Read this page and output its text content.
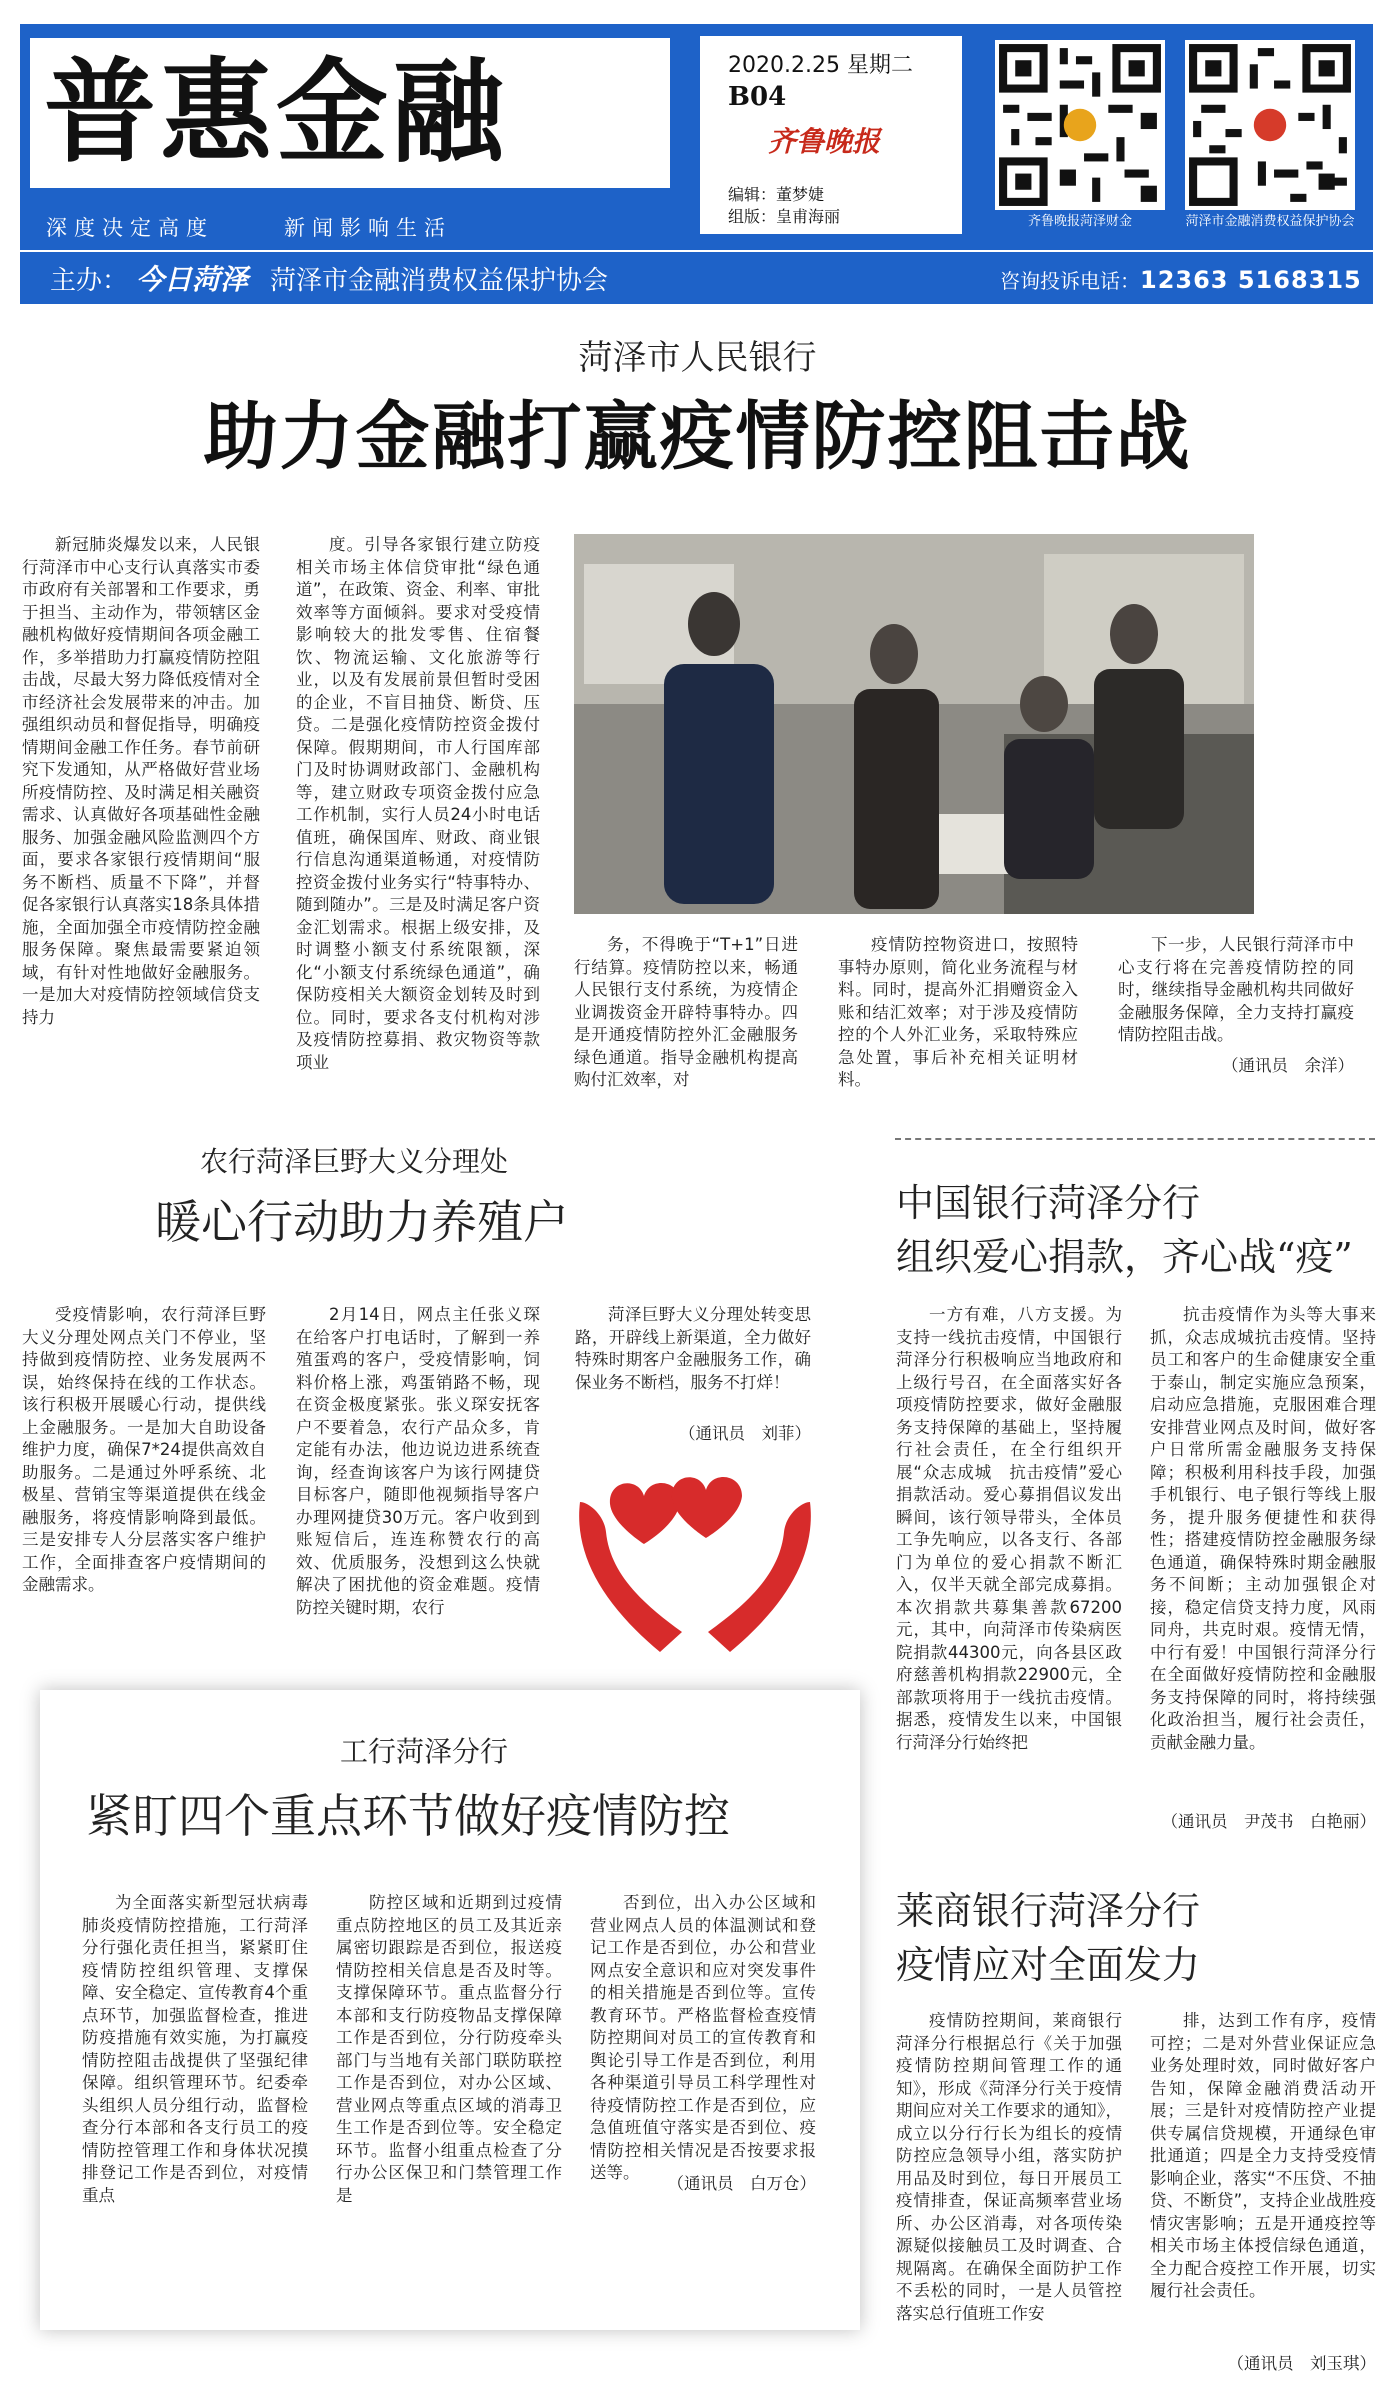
普惠金融
深度决定高度	新闻影响生活
2020.2.25 星期二
B04
齐鲁晚报
编辑：董梦婕
组版：皇甫海丽	齐鲁晚报菏泽财金	菏泽市金融消费权益保护协会
主办： 今日菏泽 菏泽市金融消费权益保护协会	咨询投诉电话：12363 5168315
菏泽市人民银行
助力金融打赢疫情防控阻击战

新冠肺炎爆发以来，人民银行菏泽市中心支行认真落实市委市政府有关部署和工作要求，勇于担当、主动作为，带领辖区金融机构做好疫情期间各项金融工作，多举措助力打赢疫情防控阻击战，尽最大努力降低疫情对全市经济社会发展带来的冲击。加强组织动员和督促指导，明确疫情期间金融工作任务。春节前研究下发通知，从严格做好营业场所疫情防控、及时满足相关融资需求、认真做好各项基础性金融服务、加强金融风险监测四个方面，要求各家银行疫情期间“服务不断档、质量不下降”，并督促各家银行认真落实18条具体措施，全面加强全市疫情防控金融服务保障。聚焦最需要紧迫领域，有针对性地做好金融服务。一是加大对疫情防控领域信贷支持力

度。引导各家银行建立防疫相关市场主体信贷审批“绿色通道”，在政策、资金、利率、审批效率等方面倾斜。要求对受疫情影响较大的批发零售、住宿餐饮、物流运输、文化旅游等行业，以及有发展前景但暂时受困的企业，不盲目抽贷、断贷、压贷。二是强化疫情防控资金拨付保障。假期期间，市人行国库部门及时协调财政部门、金融机构等，建立财政专项资金拨付应急工作机制，实行人员24小时电话值班，确保国库、财政、商业银行信息沟通渠道畅通，对疫情防控资金拨付业务实行“特事特办、随到随办”。三是及时满足客户资金汇划需求。根据上级安排，及时调整小额支付系统限额，深化“小额支付系统绿色通道”，确保防疫相关大额资金划转及时到位。同时，要求各支付机构对涉及疫情防控募捐、救灾物资等款项业

务，不得晚于“T+1”日进行结算。疫情防控以来，畅通人民银行支付系统，为疫情企业调拨资金开辟特事特办。四是开通疫情防控外汇金融服务绿色通道。指导金融机构提高购付汇效率，对

疫情防控物资进口，按照特事特办原则，简化业务流程与材料。同时，提高外汇捐赠资金入账和结汇效率；对于涉及疫情防控的个人外汇业务，采取特殊应急处置，事后补充相关证明材料。

下一步，人民银行菏泽市中心支行将在完善疫情防控的同时，继续指导金融机构共同做好金融服务保障，全力支持打赢疫情防控阻击战。

（通讯员　余洋）
农行菏泽巨野大义分理处
暖心行动助力养殖户

受疫情影响，农行菏泽巨野大义分理处网点关门不停业，坚持做到疫情防控、业务发展两不误，始终保持在线的工作状态。该行积极开展暖心行动，提供线上金融服务。一是加大自助设备维护力度，确保7*24提供高效自助服务。二是通过外呼系统、北极星、营销宝等渠道提供在线金融服务，将疫情影响降到最低。三是安排专人分层落实客户维护工作，全面排查客户疫情期间的金融需求。

2月14日，网点主任张义琛在给客户打电话时，了解到一养殖蛋鸡的客户，受疫情影响，饲料价格上涨，鸡蛋销路不畅，现在资金极度紧张。张义琛安抚客户不要着急，农行产品众多，肯定能有办法，他边说边进系统查询，经查询该客户为该行网捷贷目标客户，随即他视频指导客户办理网捷贷30万元。客户收到到账短信后，连连称赞农行的高效、优质服务，没想到这么快就解决了困扰他的资金难题。疫情防控关键时期，农行

菏泽巨野大义分理处转变思路，开辟线上新渠道，全力做好特殊时期客户金融服务工作，确保业务不断档，服务不打烊！

（通讯员　刘菲）
中国银行菏泽分行
组织爱心捐款，齐心战“疫”

一方有难，八方支援。为支持一线抗击疫情，中国银行菏泽分行积极响应当地政府和上级行号召，在全面落实好各项疫情防控要求，做好金融服务支持保障的基础上，坚持履行社会责任，在全行组织开展“众志成城　抗击疫情”爱心捐款活动。爱心募捐倡议发出瞬间，该行领导带头，全体员工争先响应，以各支行、各部门为单位的爱心捐款不断汇入，仅半天就全部完成募捐。本次捐款共募集善款67200元，其中，向菏泽市传染病医院捐款44300元，向各县区政府慈善机构捐款22900元，全部款项将用于一线抗击疫情。据悉，疫情发生以来，中国银行菏泽分行始终把

抗击疫情作为头等大事来抓，众志成城抗击疫情。坚持员工和客户的生命健康安全重于泰山，制定实施应急预案，启动应急措施，克服困难合理安排营业网点及时间，做好客户日常所需金融服务支持保障；积极利用科技手段，加强手机银行、电子银行等线上服务，提升服务便捷性和获得性；搭建疫情防控金融服务绿色通道，确保特殊时期金融服务不间断；主动加强银企对接，稳定信贷支持力度，风雨同舟，共克时艰。疫情无情，中行有爱！中国银行菏泽分行在全面做好疫情防控和金融服务支持保障的同时，将持续强化政治担当，履行社会责任，贡献金融力量。

（通讯员　尹茂书　白艳丽）
工行菏泽分行
紧盯四个重点环节做好疫情防控

为全面落实新型冠状病毒肺炎疫情防控措施，工行菏泽分行强化责任担当，紧紧盯住疫情防控组织管理、支撑保障、安全稳定、宣传教育4个重点环节，加强监督检查，推进防疫措施有效实施，为打赢疫情防控阻击战提供了坚强纪律保障。组织管理环节。纪委牵头组织人员分组行动，监督检查分行本部和各支行员工的疫情防控管理工作和身体状况摸排登记工作是否到位，对疫情重点

防控区域和近期到过疫情重点防控地区的员工及其近亲属密切跟踪是否到位，报送疫情防控相关信息是否及时等。支撑保障环节。重点监督分行本部和支行防疫物品支撑保障工作是否到位，分行防疫牵头部门与当地有关部门联防联控工作是否到位，对办公区域、营业网点等重点区域的消毒卫生工作是否到位等。安全稳定环节。监督小组重点检查了分行办公区保卫和门禁管理工作是

否到位，出入办公区域和营业网点人员的体温测试和登记工作是否到位，办公和营业网点安全意识和应对突发事件的相关措施是否到位等。宣传教育环节。严格监督检查疫情防控期间对员工的宣传教育和舆论引导工作是否到位，利用各种渠道引导员工科学理性对待疫情防控工作是否到位，应急值班值守落实是否到位、疫情防控相关情况是否按要求报送等。

（通讯员　白万仓）
莱商银行菏泽分行
疫情应对全面发力

疫情防控期间，莱商银行菏泽分行根据总行《关于加强疫情防控期间管理工作的通知》，形成《菏泽分行关于疫情期间应对关工作要求的通知》，成立以分行行长为组长的疫情防控应急领导小组，落实防护用品及时到位，每日开展员工疫情排查，保证高频率营业场所、办公区消毒，对各项传染源疑似接触员工及时调查、合规隔离。在确保全面防护工作不丢松的同时，一是人员管控落实总行值班工作安

排，达到工作有序，疫情可控；二是对外营业保证应急业务处理时效，同时做好客户告知，保障金融消费活动开展；三是针对疫情防控产业提供专属信贷规模，开通绿色审批通道；四是全力支持受疫情影响企业，落实“不压贷、不抽贷、不断贷”，支持企业战胜疫情灾害影响；五是开通疫控等相关市场主体授信绿色通道，全力配合疫控工作开展，切实履行社会责任。

（通讯员　刘玉琪）
